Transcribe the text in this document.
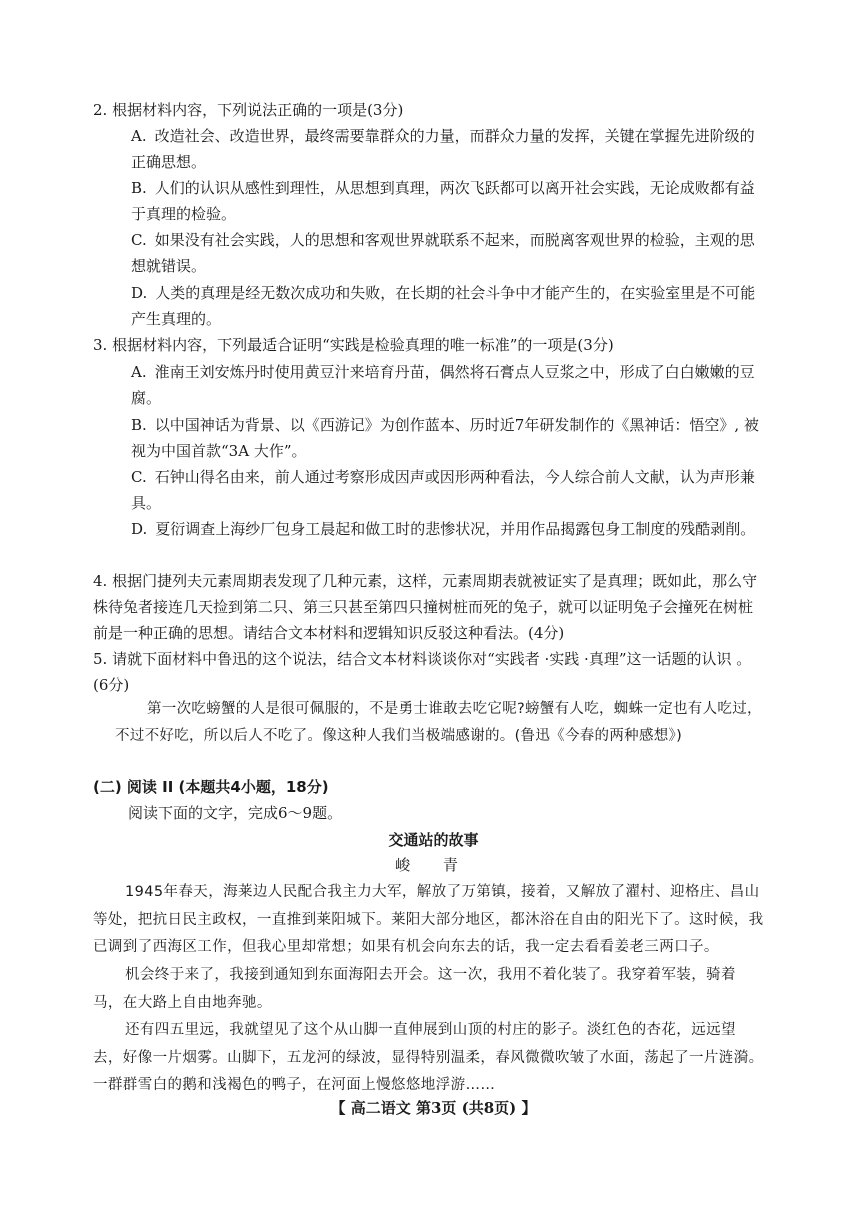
2. 根据材料内容，下列说法正确的一项是(3分)

A. 改造社会、改造世界，最终需要靠群众的力量，而群众力量的发挥，关键在掌握先进阶级的正确思想。

B. 人们的认识从感性到理性，从思想到真理，两次飞跃都可以离开社会实践，无论成败都有益于真理的检验。

C. 如果没有社会实践，人的思想和客观世界就联系不起来，而脱离客观世界的检验，主观的思想就错误。

D. 人类的真理是经无数次成功和失败，在长期的社会斗争中才能产生的，在实验室里是不可能产生真理的。

3. 根据材料内容，下列最适合证明“实践是检验真理的唯一标准”的一项是(3分)

A. 淮南王刘安炼丹时使用黄豆汁来培育丹苗，偶然将石膏点人豆浆之中，形成了白白嫩嫩的豆腐。

B. 以中国神话为背景、以《西游记》为创作蓝本、历时近7年研发制作的《黑神话：悟空》, 被视为中国首款“3A 大作”。

C. 石钟山得名由来，前人通过考察形成因声或因形两种看法，今人综合前人文献，认为声形兼具。

D. 夏衍调查上海纱厂包身工晨起和做工时的悲惨状况，并用作品揭露包身工制度的残酷剥削。

4. 根据门捷列夫元素周期表发现了几种元素，这样，元素周期表就被证实了是真理；既如此，那么守株待兔者接连几天捡到第二只、第三只甚至第四只撞树桩而死的兔子，就可以证明兔子会撞死在树桩前是一种正确的思想。请结合文本材料和逻辑知识反驳这种看法。(4分)

5. 请就下面材料中鲁迅的这个说法，结合文本材料谈谈你对“实践者 ·实践 ·真理”这一话题的认识 。(6分)

第一次吃螃蟹的人是很可佩服的，不是勇士谁敢去吃它呢?螃蟹有人吃，蜘蛛一定也有人吃过，不过不好吃，所以后人不吃了。像这种人我们当极端感谢的。(鲁迅《今春的两种感想》)

(二) 阅读 II (本题共4小题，18分)

阅读下面的文字，完成6～9题。

交通站的故事

峻 青

1945年春天，海莱边人民配合我主力大军，解放了万第镇，接着，又解放了濯村、迎格庄、昌山等处，把抗日民主政权，一直推到莱阳城下。莱阳大部分地区，都沐浴在自由的阳光下了。这时候，我已调到了西海区工作，但我心里却常想；如果有机会向东去的话，我一定去看看姜老三两口子。

机会终于来了，我接到通知到东面海阳去开会。这一次，我用不着化装了。我穿着军装，骑着马，在大路上自由地奔驰。

还有四五里远，我就望见了这个从山脚一直伸展到山顶的村庄的影子。淡红色的杏花，远远望去，好像一片烟雾。山脚下，五龙河的绿波，显得特别温柔，春风微微吹皱了水面，荡起了一片涟漪。一群群雪白的鹅和浅褐色的鸭子，在河面上慢悠悠地浮游……

【 高二语文 第3页 (共8页) 】
